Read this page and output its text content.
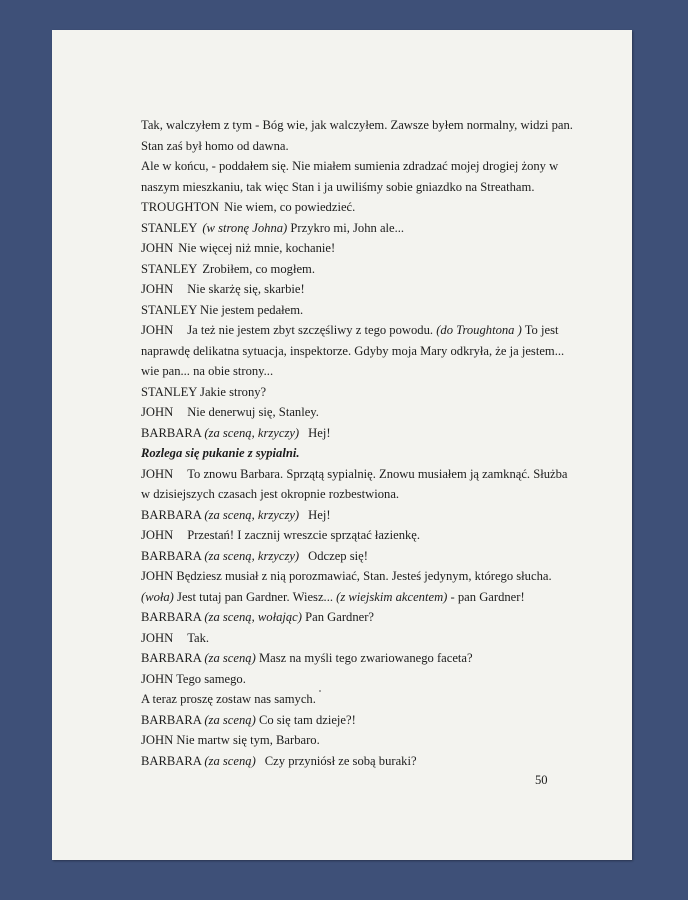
Tak, walczyłem z tym - Bóg wie, jak walczyłem. Zawsze byłem normalny, widzi pan.
Stan zaś był homo od dawna.
Ale w końcu, - poddałem się. Nie miałem sumienia zdradzać mojej drogiej żony w
naszym mieszkaniu, tak więc Stan i ja uwiliśmy sobie gniazdko na Streatham.
TROUGHTON Nie wiem, co powiedzieć.
STANLEY (w stronę Johna) Przykro mi, John ale...
JOHN Nie więcej niż mnie, kochanie!
STANLEY Zrobiłem, co mogłem.
JOHN Nie skarżę się, skarbie!
STANLEY Nie jestem pedałem.
JOHN Ja też nie jestem zbyt szczęśliwy z tego powodu. (do Troughtona ) To jest
naprawdę delikatna sytuacja, inspektorze. Gdyby moja Mary odkryła, że ja jestem...
wie pan... na obie strony...
STANLEY Jakie strony?
JOHN Nie denerwuj się, Stanley.
BARBARA (za sceną, krzyczy) Hej!
Rozlega się pukanie z sypialni.
JOHN To znowu Barbara. Sprzątą sypialnię. Znowu musiałem ją zamknąć. Służba
w dzisiejszych czasach jest okropnie rozbestwiona.
BARBARA (za sceną, krzyczy) Hej!
JOHN Przestań! I zacznij wreszcie sprzątać łazienkę.
BARBARA (za sceną, krzyczy) Odczep się!
JOHN Będziesz musiał z nią porozmawiać, Stan. Jesteś jedynym, którego słucha.
(woła) Jest tutaj pan Gardner. Wiesz... (z wiejskim akcentem) - pan Gardner!
BARBARA (za sceną, wołając) Pan Gardner?
JOHN Tak.
BARBARA (za sceną) Masz na myśli tego zwariowanego faceta?
JOHN Tego samego.
A teraz proszę zostaw nas samych.
BARBARA (za sceną) Co się tam dzieje?!
JOHN Nie martw się tym, Barbaro.
BARBARA (za sceną) Czy przyniósł ze sobą buraki?
50
